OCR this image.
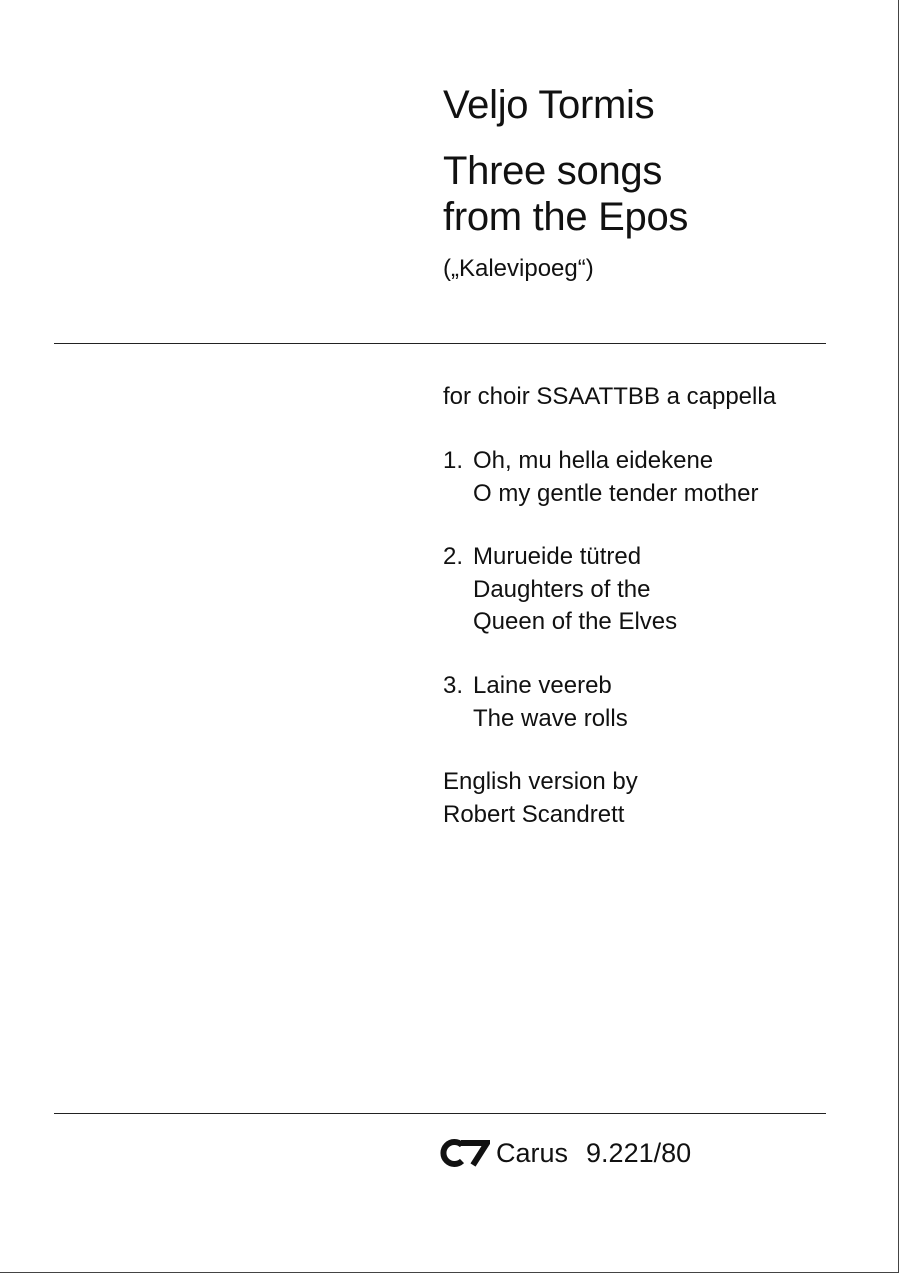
Veljo Tormis
Three songs
from the Epos
(„Kalevipoeg“)
for choir SSAATTBB a cappella
1. Oh, mu hella eidekene
O my gentle tender mother
2. Murueide tütred
Daughters of the
Queen of the Elves
3. Laine veereb
The wave rolls
English version by
Robert Scandrett
Carus 9.221/80
